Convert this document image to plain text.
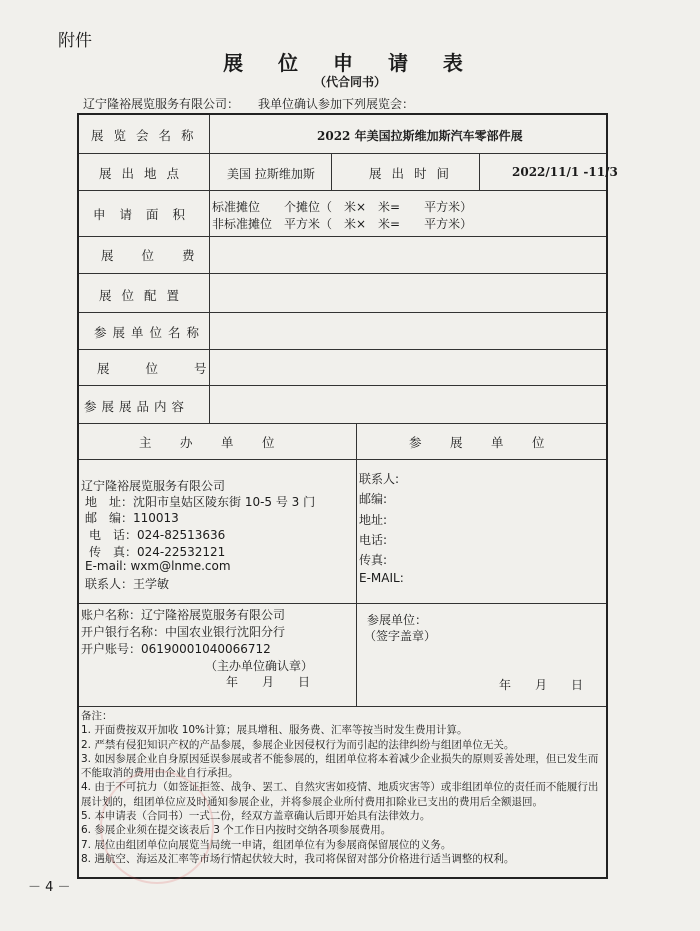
附件
展 位 申 请 表
（代合同书）
辽宁隆裕展览服务有限公司： 我单位确认参加下列展览会：
展览会名称	2022 年美国拉斯维加斯汽车零部件展
展出地点	美国 拉斯维加斯	展出时间	2022/11/1 -11/3
申请面积 标准摊位　　个摊位（　米×　米=　　平方米）
非标准摊位　平方米（　米×　米=　　平方米）
展位费
展位配置
参展单位名称
展位号
参展展品内容
主　办　单　位	参　展　单　位
辽宁隆裕展览服务有限公司
地　址：沈阳市皇姑区陵东街 10-5 号 3 门
邮　编：110013
电　话：024-82513636
传　真：024-22532121
E-mail: wxm@lnme.com
联系人：王学敏
联系人:
邮编:
地址:
电话:
传真:
E-MAIL:
账户名称：辽宁隆裕展览服务有限公司
开户银行名称：中国农业银行沈阳分行
开户账号：06190001040066712
（主办单位确认章）
年　　月　　日
参展单位：
（签字盖章）
年　　月　　日
备注：
1. 开面费按双开加收 10%计算；展具增租、服务费、汇率等按当时发生费用计算。
2. 严禁有侵犯知识产权的产品参展，参展企业因侵权行为而引起的法律纠纷与组团单位无关。
3. 如因参展企业自身原因延误参展或者不能参展的，组团单位将本着减少企业损失的原则妥善处理，但已发生而
不能取消的费用由企业自行承担。
4. 由于不可抗力（如签证拒签、战争、罢工、自然灾害如疫情、地质灾害等）或非组团单位的责任而不能履行出
展计划的，组团单位应及时通知参展企业，并将参展企业所付费用扣除业已支出的费用后全额退回。
5. 本申请表（合同书）一式二份，经双方盖章确认后即开始具有法律效力。
6. 参展企业须在提交该表后 3 个工作日内按时交纳各项参展费用。
7. 展位由组团单位向展览当局统一申请，组团单位有为参展商保留展位的义务。
8. 遇航空、海运及汇率等市场行情起伏较大时，我司将保留对部分价格进行适当调整的权利。
－ 4 －
